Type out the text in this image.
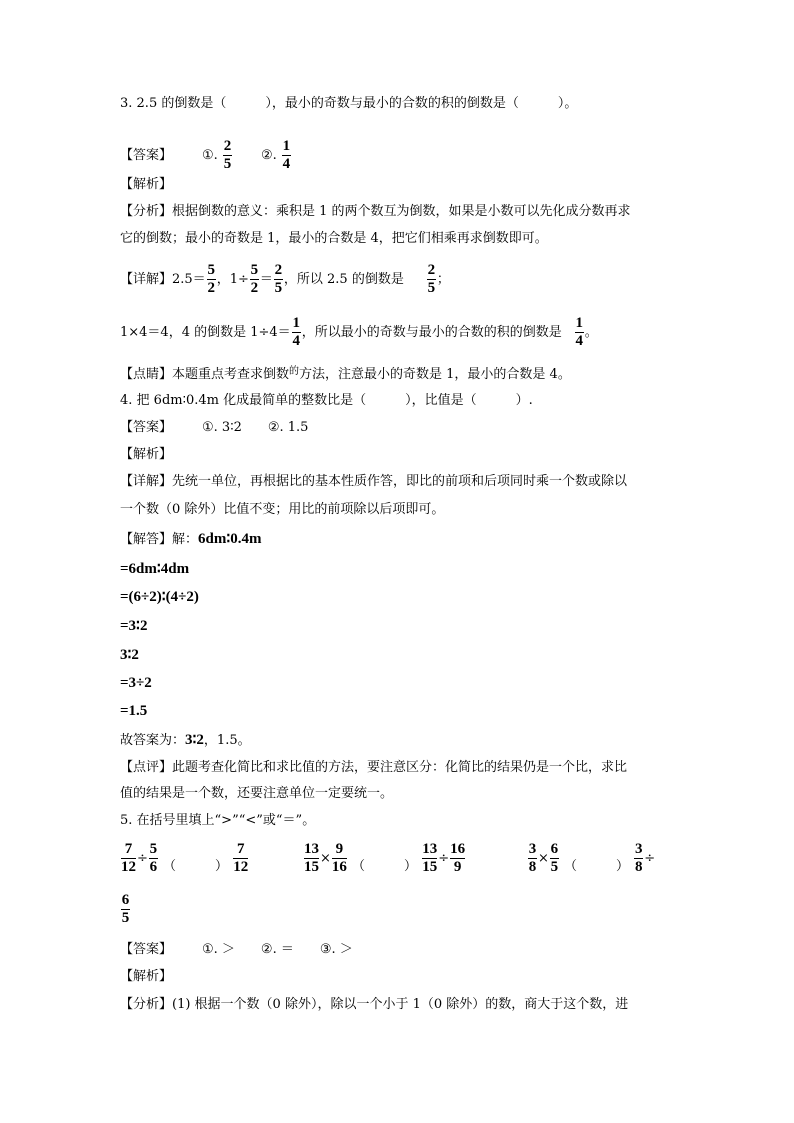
3. 2.5 的倒数是（　　　），最小的奇数与最小的合数的积的倒数是（　　　）。
【答案】 ①. $\frac{2}{5}$ ②. $\frac{1}{4}$
【解析】
【分析】根据倒数的意义：乘积是 1 的两个数互为倒数，如果是小数可以先化成分数再求
它的倒数；最小的奇数是 1，最小的合数是 4，把它们相乘再求倒数即可。
【详解】$2.5= \frac{5}{2}$ ，$1\div \frac{5}{2} = \frac{2}{5}$ ，所以 2.5 的倒数是 $\frac{2}{5}$ ；
1×4＝4，4 的倒数是 $1\div 4= \frac{1}{4}$ ，所以最小的奇数与最小的合数的积的倒数是 $\frac{1}{4}$ 。
【点睛】本题重点考查求倒数$^的$方法，注意最小的奇数是 1，最小的合数是 4。
4. 把 6dm∶0.4m 化成最简单的整数比是（　　　），比值是（　　　）.
【答案】 ①. 3∶2　　②. 1.5
【解析】
【详解】先统一单位，再根据比的基本性质作答，即比的前项和后项同时乘一个数或除以
一个数（0 除外）比值不变；用比的前项除以后项即可。
【解答】解：6dm∶0.4m
=6dm∶4dm
=(6÷2)∶(4÷2)
=3∶2
3∶2
=3÷2
=1.5
故答案为：3∶2，1.5。
【点评】此题考查化简比和求比值的方法，要注意区分：化简比的结果仍是一个比，求比
值的结果是一个数，还要注意单位一定要统一。
5. 在括号里填上“>”“<”或“＝”。
$\frac{7}{12} \div \frac{5}{6}$ （　　　） $\frac{7}{12}$	$\frac{13}{15} \times \frac{9}{16}$ （　　　） $\frac{13}{15} \div \frac{16}{9}$	$\frac{3}{8} \times \frac{6}{5}$ （　　　） $\frac{3}{8}$ ÷
$\frac{6}{5}$
【答案】 ①. ＞　　②. ＝　　③. ＞
【解析】
【分析】(1) 根据一个数（0 除外），除以一个小于 1（0 除外）的数，商大于这个数，进
